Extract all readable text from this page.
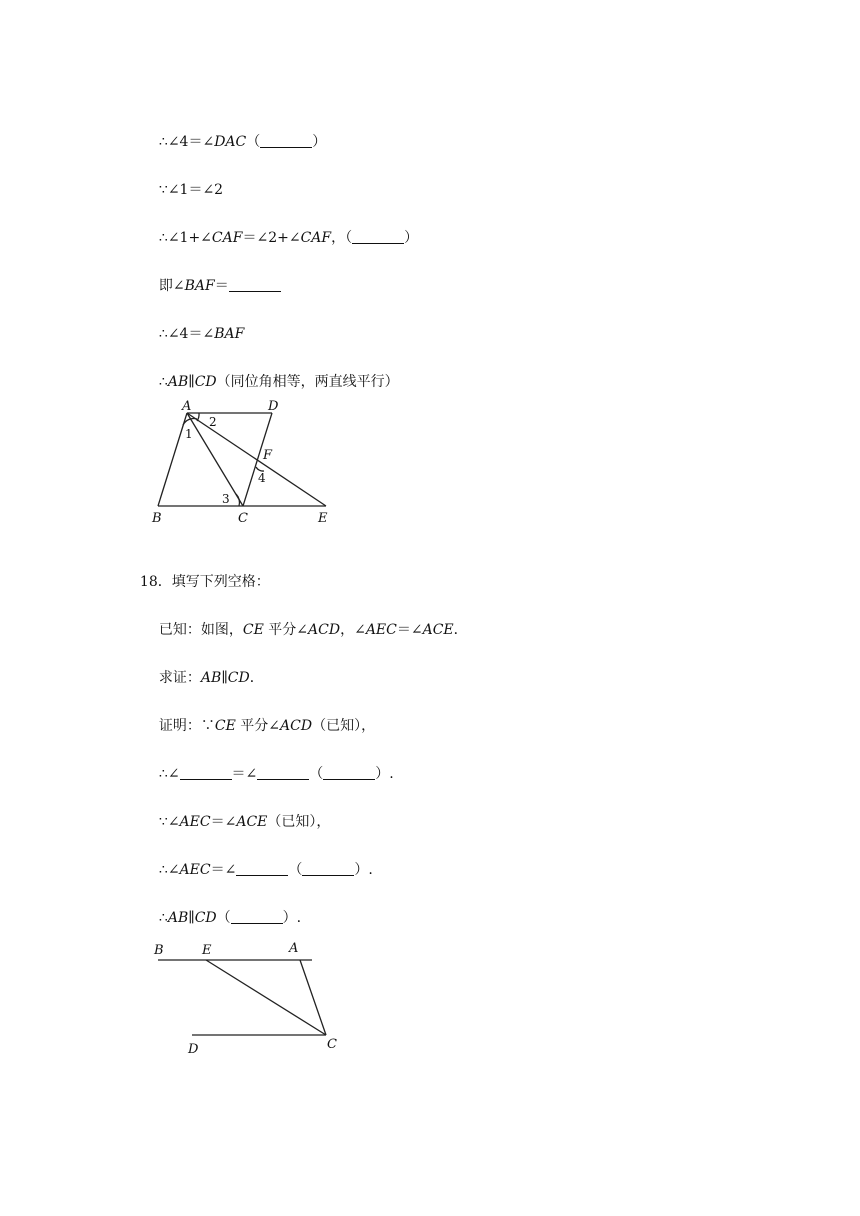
∴∠4＝∠DAC（	）

∵∠1＝∠2

∴∠1+∠CAF＝∠2+∠CAF，（	）

即∠BAF＝

∴∠4＝∠BAF

∴AB∥CD（同位角相等，两直线平行）

A	D
B	C	E
F
1
2
3
4

18．填写下列空格：

已知：如图，CE 平分∠ACD，∠AEC＝∠ACE．

求证：AB∥CD．

证明：∵CE 平分∠ACD（已知），

∴∠	＝∠	（	）.

∵∠AEC＝∠ACE（已知），

∴∠AEC＝∠	（	）.

∴AB∥CD（	）.

B	E	A
D	C
